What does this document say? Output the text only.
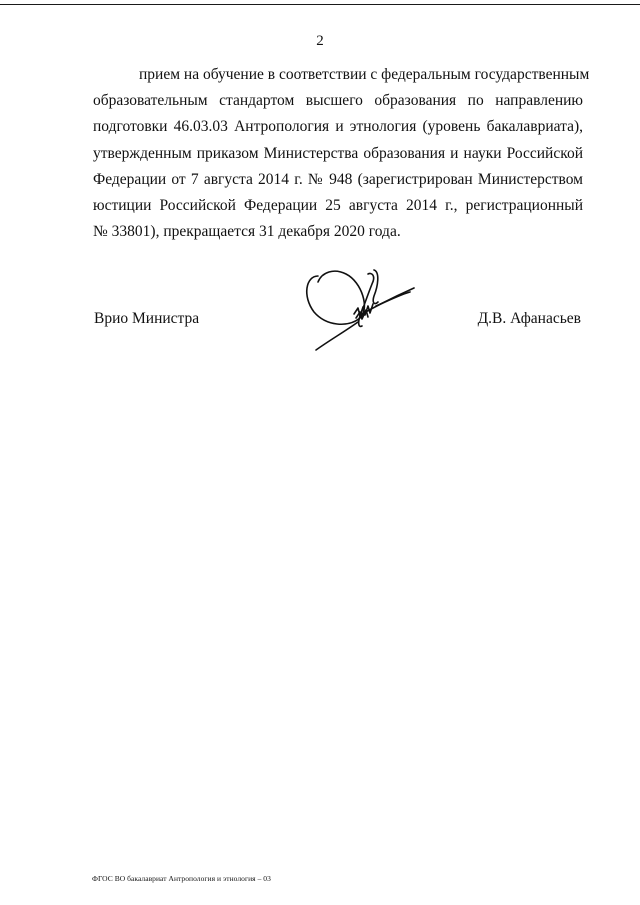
2
прием на обучение в соответствии с федеральным государственным
образовательным стандартом высшего образования по направлению
подготовки 46.03.03 Антропология и этнология (уровень бакалавриата),
утвержденным приказом Министерства образования и науки Российской
Федерации от 7 августа 2014 г. № 948 (зарегистрирован Министерством
юстиции Российской Федерации 25 августа 2014 г., регистрационный
№ 33801), прекращается 31 декабря 2020 года.
Врио Министра	Д.В. Афанасьев
ФГОС ВО бакалавриат Антропология и этнология – 03
